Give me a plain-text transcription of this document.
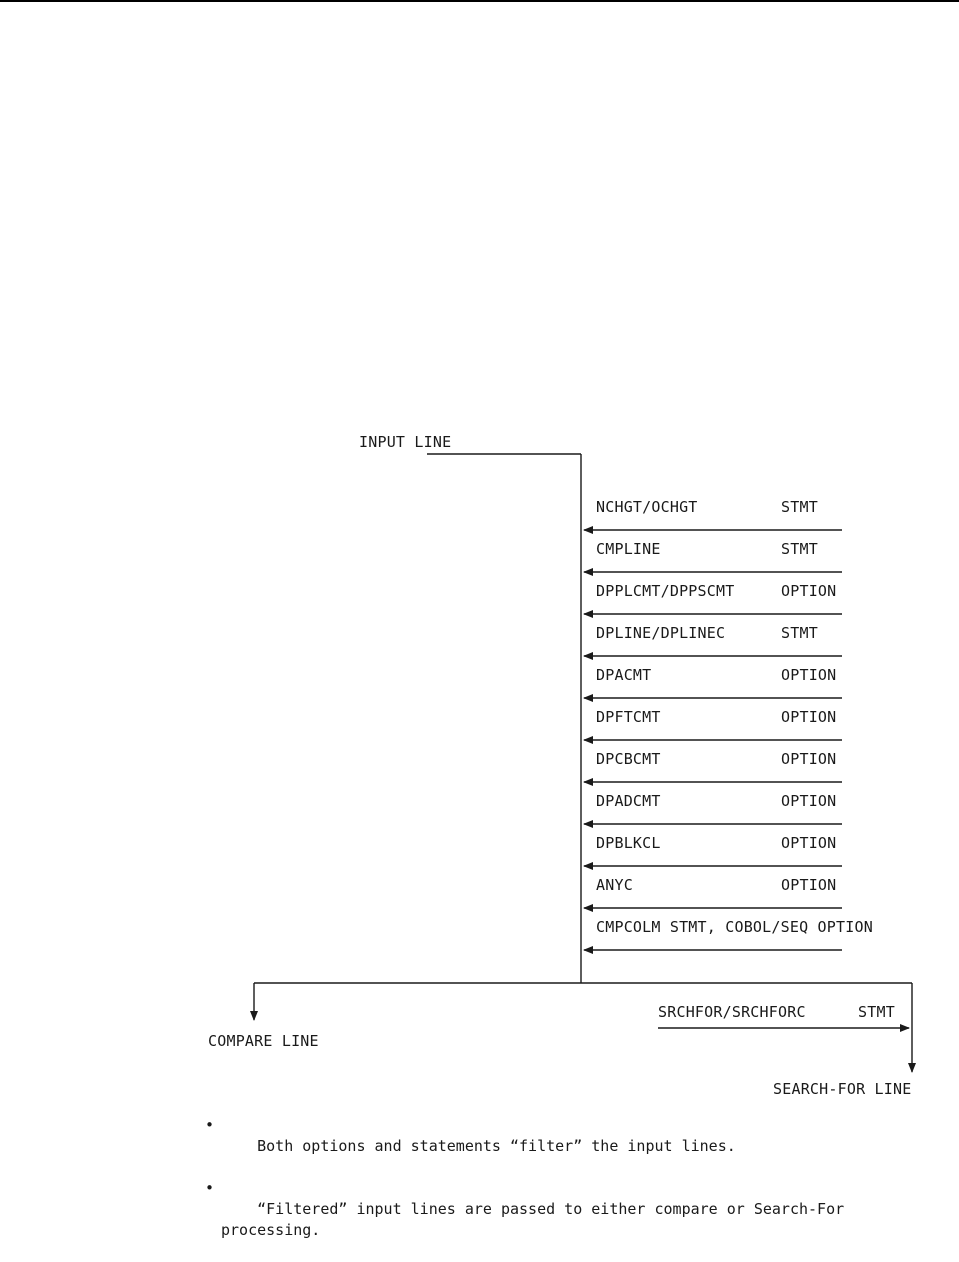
INPUT LINE
NCHGT/OCHGT	STMT
CMPLINE	STMT
DPPLCMT/DPPSCMT	OPTION
DPLINE/DPLINEC	STMT
DPACMT	OPTION
DPFTCMT	OPTION
DPCBCMT	OPTION
DPADCMT	OPTION
DPBLKCL	OPTION
ANYC	OPTION
CMPCOLM STMT, COBOL/SEQ OPTION
COMPARE LINE
SRCHFOR/SRCHFORC	STMT
SEARCH-FOR LINE

•
Both options and statements “filter” the input lines.

•
“Filtered” input lines are passed to either compare or Search-For processing.
